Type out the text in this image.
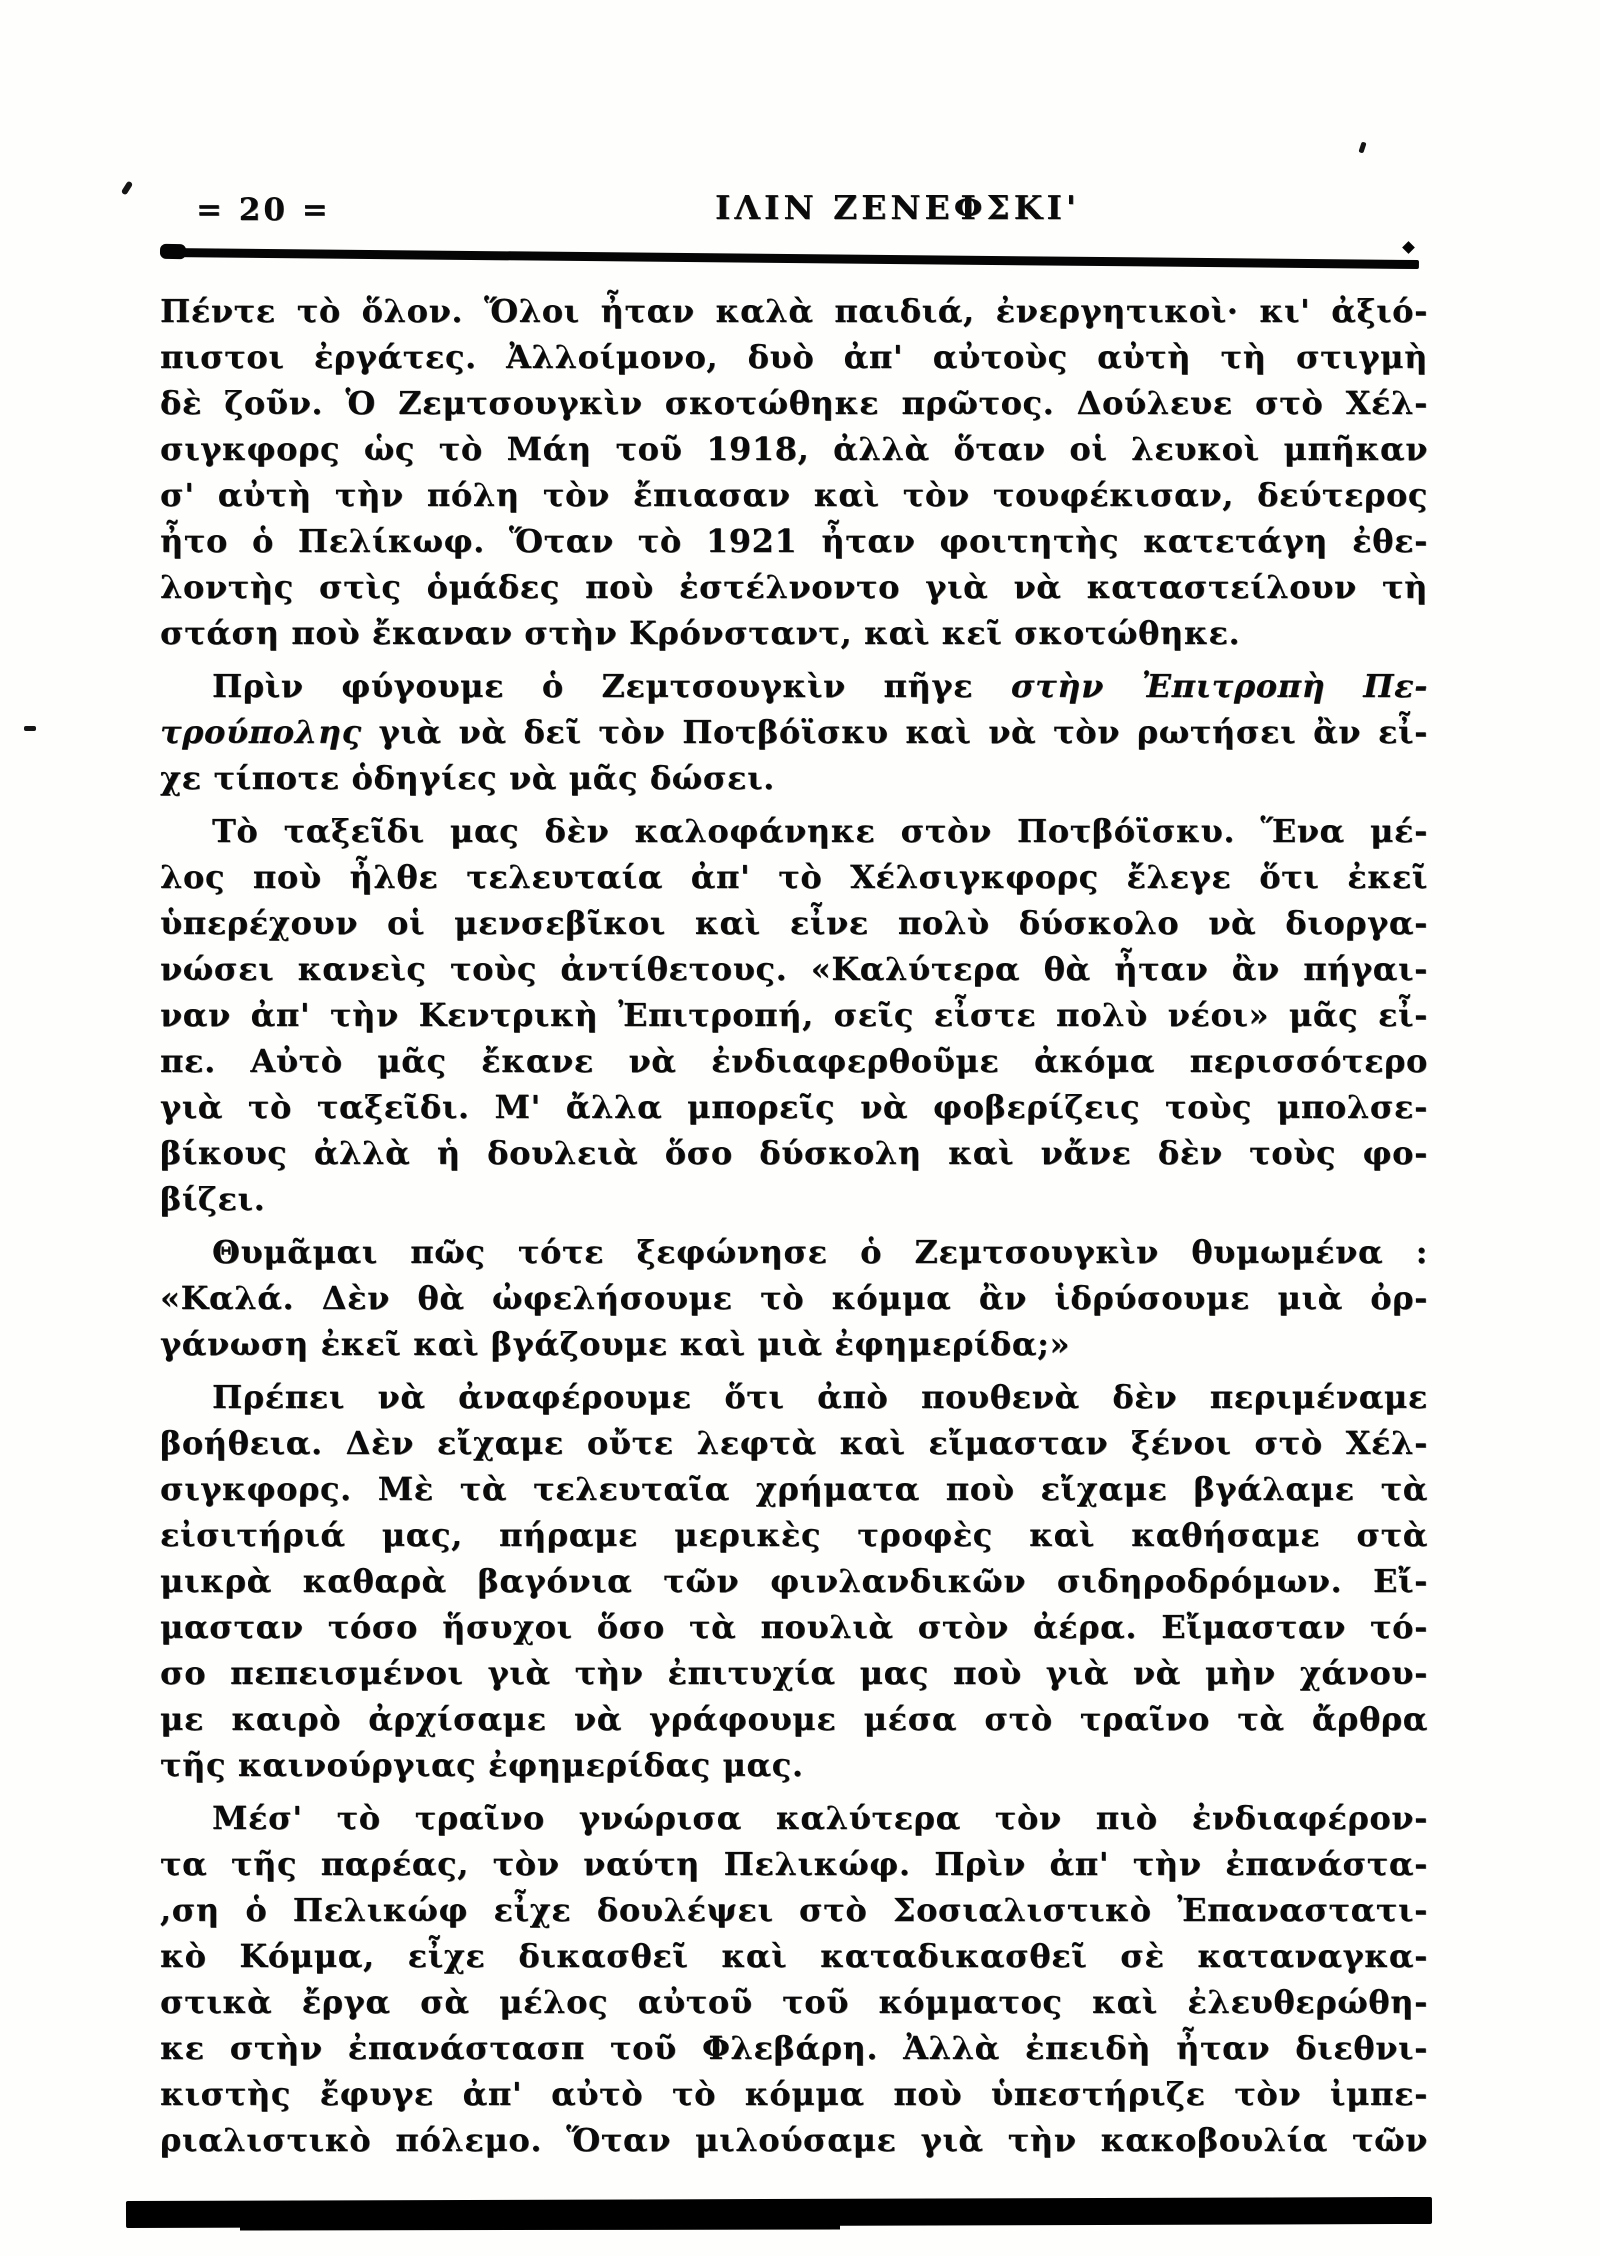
= 20 =	ΙΛΙΝ ΖΕΝΕΦΣΚΙ'
Πέντε τὸ ὅλον. Ὅλοι ἦταν καλὰ παιδιά, ἐνεργητικοὶ· κι' ἀξιό-
πιστοι ἐργάτες. Ἀλλοίμονο, δυὸ ἀπ' αὐτοὺς αὐτὴ τὴ στιγμὴ
δὲ ζοῦν. Ὁ Ζεμτσουγκὶν σκοτώθηκε πρῶτος. Δούλευε στὸ Χέλ-
σιγκφορς ὡς τὸ Μάη τοῦ 1918, ἀλλὰ ὅταν οἱ λευκοὶ μπῆκαν
σ' αὐτὴ τὴν πόλη τὸν ἔπιασαν καὶ τὸν τουφέκισαν, δεύτερος
ἦτο ὁ Πελίκωφ. Ὅταν τὸ 1921 ἦταν φοιτητὴς κατετάγη ἐθε-
λοντὴς στὶς ὁμάδες ποὺ ἐστέλνοντο γιὰ νὰ καταστείλουν τὴ
στάση ποὺ ἔκαναν στὴν Κρόνσταντ, καὶ κεῖ σκοτώθηκε.
Πρὶν φύγουμε ὁ Ζεμτσουγκὶν πῆγε στὴν Ἐπιτροπὴ Πε-
τρούπολης γιὰ νὰ δεῖ τὸν Ποτβόϊσκυ καὶ νὰ τὸν ρωτήσει ἂν εἶ-
χε τίποτε ὁδηγίες νὰ μᾶς δώσει.
Τὸ ταξεῖδι μας δὲν καλοφάνηκε στὸν Ποτβόϊσκυ. Ἕνα μέ-
λος ποὺ ἦλθε τελευταία ἀπ' τὸ Χέλσιγκφορς ἔλεγε ὅτι ἐκεῖ
ὑπερέχουν οἱ μενσεβῖκοι καὶ εἶνε πολὺ δύσκολο νὰ διοργα-
νώσει κανεὶς τοὺς ἀντίθετους. «Καλύτερα θὰ ἦταν ἂν πήγαι-
ναν ἀπ' τὴν Κεντρικὴ Ἐπιτροπή, σεῖς εἶστε πολὺ νέοι» μᾶς εἶ-
πε. Αὐτὸ μᾶς ἔκανε νὰ ἐνδιαφερθοῦμε ἀκόμα περισσότερο
γιὰ τὸ ταξεῖδι. Μ' ἄλλα μπορεῖς νὰ φοβερίζεις τοὺς μπολσε-
βίκους ἀλλὰ ἡ δουλειὰ ὅσο δύσκολη καὶ νἄνε δὲν τοὺς φο-
βίζει.
Θυμᾶμαι πῶς τότε ξεφώνησε ὁ Ζεμτσουγκὶν θυμωμένα :
«Καλά. Δὲν θὰ ὠφελήσουμε τὸ κόμμα ἂν ἱδρύσουμε μιὰ ὀρ-
γάνωση ἐκεῖ καὶ βγάζουμε καὶ μιὰ ἐφημερίδα;»
Πρέπει νὰ ἀναφέρουμε ὅτι ἀπὸ πουθενὰ δὲν περιμέναμε
βοήθεια. Δὲν εἴχαμε οὔτε λεφτὰ καὶ εἴμασταν ξένοι στὸ Χέλ-
σιγκφορς. Μὲ τὰ τελευταῖα χρήματα ποὺ εἴχαμε βγάλαμε τὰ
εἰσιτήριά μας, πήραμε μερικὲς τροφὲς καὶ καθήσαμε στὰ
μικρὰ καθαρὰ βαγόνια τῶν φινλανδικῶν σιδηροδρόμων. Εἴ-
μασταν τόσο ἥσυχοι ὅσο τὰ πουλιὰ στὸν ἀέρα. Εἴμασταν τό-
σο πεπεισμένοι γιὰ τὴν ἐπιτυχία μας ποὺ γιὰ νὰ μὴν χάνου-
με καιρὸ ἀρχίσαμε νὰ γράφουμε μέσα στὸ τραῖνο τὰ ἄρθρα
τῆς καινούργιας ἐφημερίδας μας.
Μέσ' τὸ τραῖνο γνώρισα καλύτερα τὸν πιὸ ἐνδιαφέρον-
τα τῆς παρέας, τὸν ναύτη Πελικώφ. Πρὶν ἀπ' τὴν ἐπανάστα-
,ση ὁ Πελικώφ εἶχε δουλέψει στὸ Σοσιαλιστικὸ Ἐπαναστατι-
κὸ Κόμμα, εἶχε δικασθεῖ καὶ καταδικασθεῖ σὲ καταναγκα-
στικὰ ἔργα σὰ μέλος αὐτοῦ τοῦ κόμματος καὶ ἐλευθερώθη-
κε στὴν ἐπανάστασπ τοῦ Φλεβάρη. Ἀλλὰ ἐπειδὴ ἦταν διεθνι-
κιστὴς ἔφυγε ἀπ' αὐτὸ τὸ κόμμα ποὺ ὑπεστήριζε τὸν ἰμπε-
ριαλιστικὸ πόλεμο. Ὅταν μιλούσαμε γιὰ τὴν κακοβουλία τῶν
